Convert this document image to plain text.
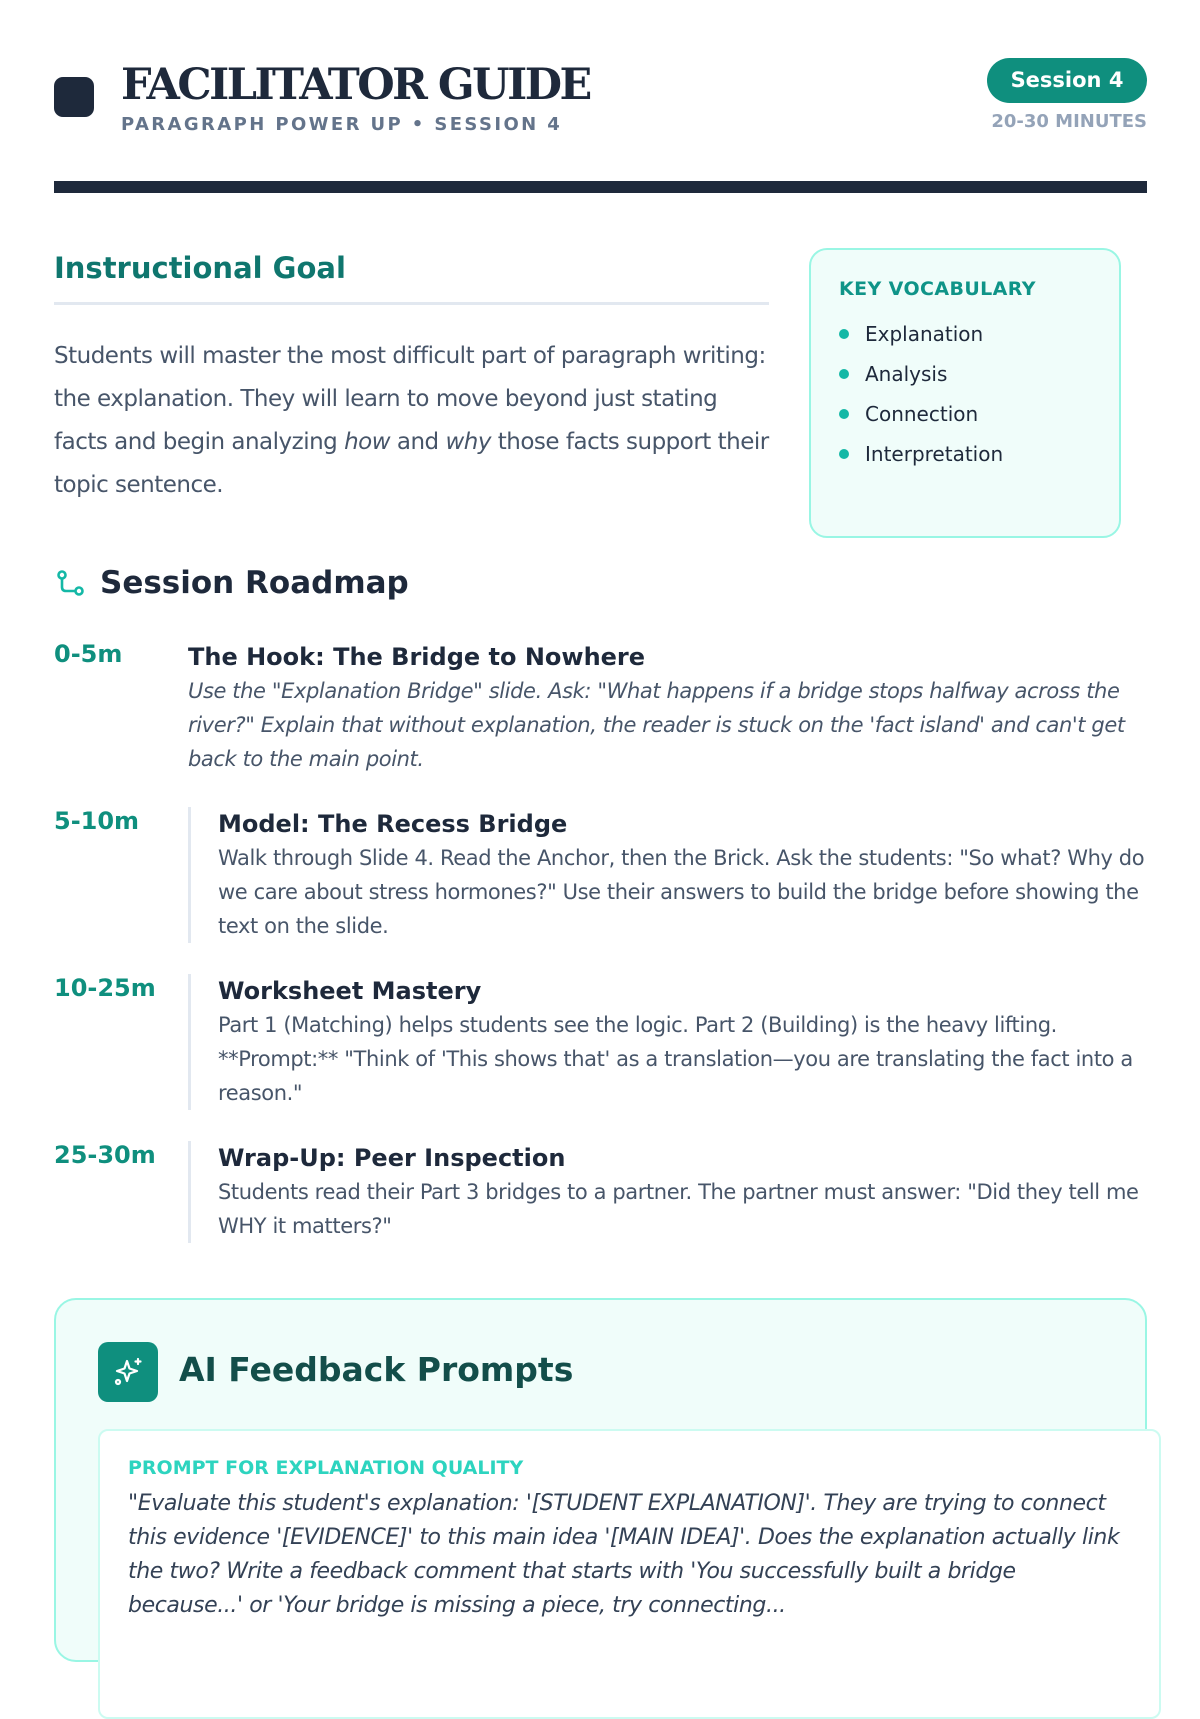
FACILITATOR GUIDE
PARAGRAPH POWER UP • SESSION 4
Session 4
20-30 MINUTES
Instructional Goal
Students will master the most difficult part of paragraph writing: the explanation. They will learn to move beyond just stating facts and begin analyzing how and why those facts support their topic sentence.
KEY VOCABULARY
Explanation
Analysis
Connection
Interpretation
Session Roadmap
0-5m	The Hook: The Bridge to Nowhere
Use the "Explanation Bridge" slide. Ask: "What happens if a bridge stops halfway across the river?" Explain that without explanation, the reader is stuck on the 'fact island' and can't get back to the main point.
5-10m	Model: The Recess Bridge
Walk through Slide 4. Read the Anchor, then the Brick. Ask the students: "So what? Why do we care about stress hormones?" Use their answers to build the bridge before showing the text on the slide.
10-25m	Worksheet Mastery
Part 1 (Matching) helps students see the logic. Part 2 (Building) is the heavy lifting. **Prompt:** "Think of 'This shows that' as a translation—you are translating the fact into a reason."
25-30m	Wrap-Up: Peer Inspection
Students read their Part 3 bridges to a partner. The partner must answer: "Did they tell me WHY it matters?"
AI Feedback Prompts
PROMPT FOR EXPLANATION QUALITY
"Evaluate this student's explanation: '[STUDENT EXPLANATION]'. They are trying to connect this evidence '[EVIDENCE]' to this main idea '[MAIN IDEA]'. Does the explanation actually link the two? Write a feedback comment that starts with 'You successfully built a bridge because...' or 'Your bridge is missing a piece, try connecting...
